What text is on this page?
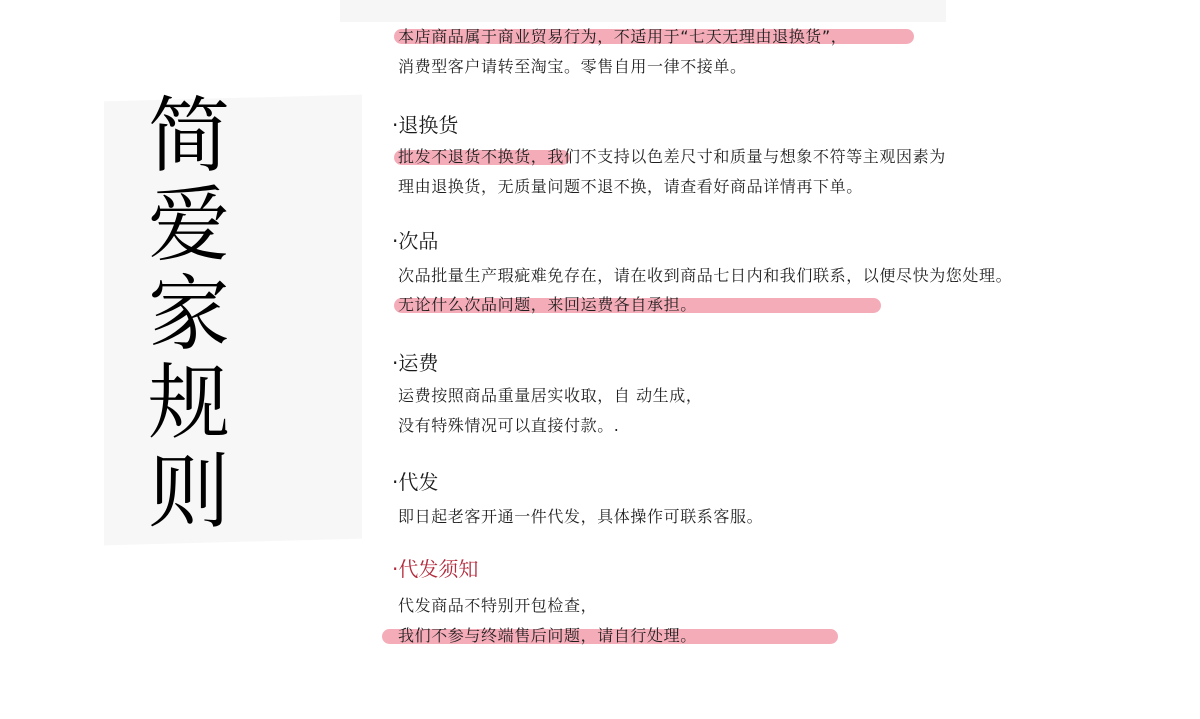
简爱家规则
本店商品属于商业贸易行为，不适用于“七天无理由退换货”，
消费型客户请转至淘宝。零售自用一律不接单。
·退换货
批发不退货不换货，我们不支持以色差尺寸和质量与想象不符等主观因素为
理由退换货，无质量问题不退不换，请查看好商品详情再下单。
·次品
次品批量生产瑕疵难免存在，请在收到商品七日内和我们联系，以便尽快为您处理。
无论什么次品问题，来回运费各自承担。
·运费
运费按照商品重量居实收取，自 动生成，
没有特殊情况可以直接付款。.
·代发
即日起老客开通一件代发，具体操作可联系客服。
·代发须知
代发商品不特别开包检查，
我们不参与终端售后问题，请自行处理。
